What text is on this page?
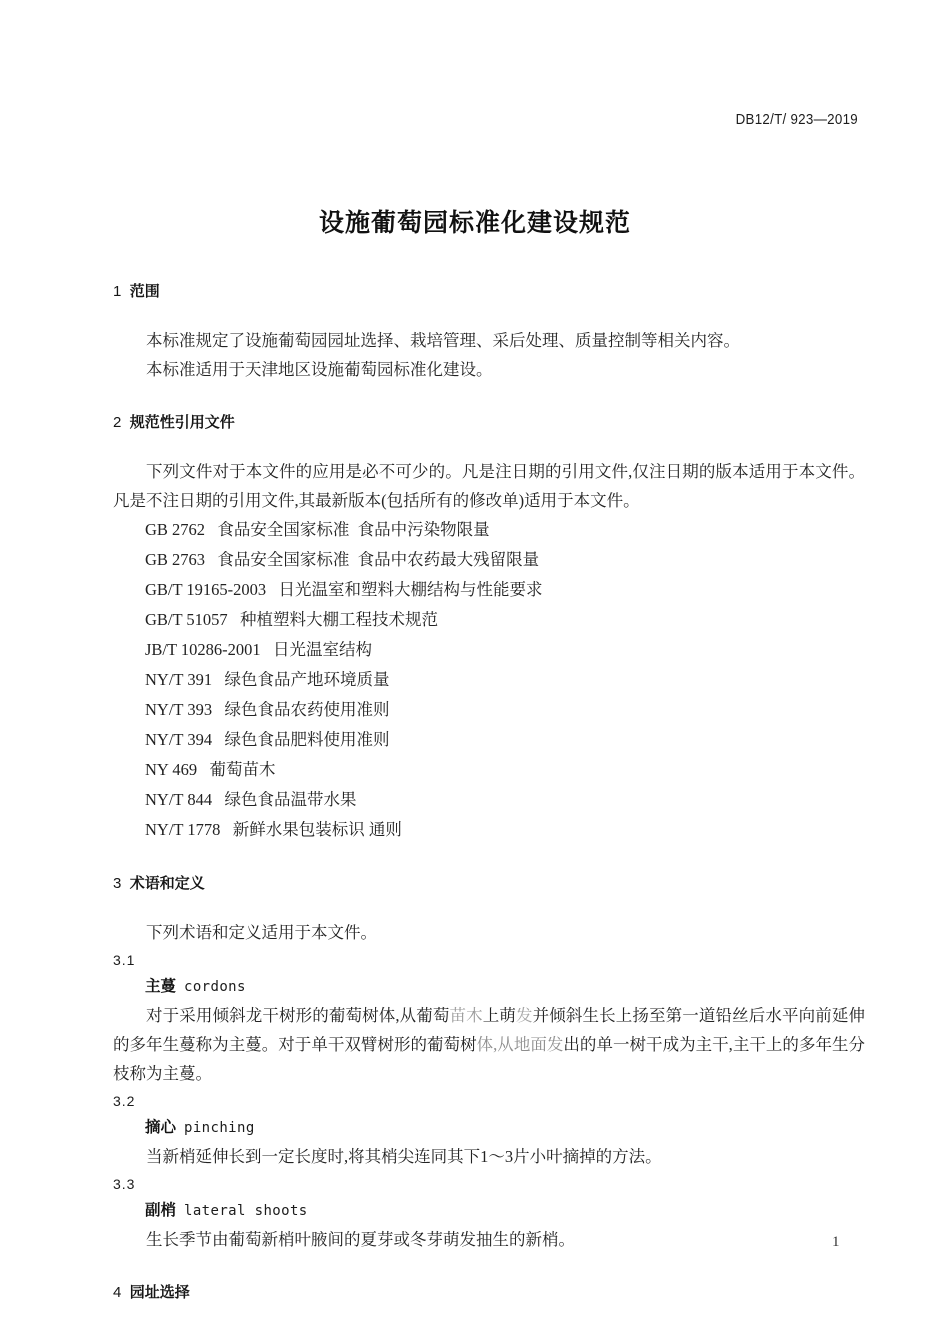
DB12/T/ 923—2019
设施葡萄园标准化建设规范
1 范围
本标准规定了设施葡萄园园址选择、栽培管理、采后处理、质量控制等相关内容。
本标准适用于天津地区设施葡萄园标准化建设。
2 规范性引用文件
下列文件对于本文件的应用是必不可少的。凡是注日期的引用文件,仅注日期的版本适用于本文件。凡是不注日期的引用文件,其最新版本(包括所有的修改单)适用于本文件。
GB 2762   食品安全国家标准  食品中污染物限量
GB 2763   食品安全国家标准  食品中农药最大残留限量
GB/T 19165-2003   日光温室和塑料大棚结构与性能要求
GB/T 51057   种植塑料大棚工程技术规范
JB/T 10286-2001   日光温室结构
NY/T 391   绿色食品产地环境质量
NY/T 393   绿色食品农药使用准则
NY/T 394   绿色食品肥料使用准则
NY 469   葡萄苗木
NY/T 844   绿色食品温带水果
NY/T 1778   新鲜水果包装标识 通则
3 术语和定义
下列术语和定义适用于本文件。
3.1
主蔓 cordons
对于采用倾斜龙干树形的葡萄树体,从葡萄苗木上萌发并倾斜生长上扬至第一道铅丝后水平向前延伸的多年生蔓称为主蔓。对于单干双臂树形的葡萄树体,从地面发出的单一树干成为主干,主干上的多年生分枝称为主蔓。
3.2
摘心 pinching
当新梢延伸长到一定长度时,将其梢尖连同其下1～3片小叶摘掉的方法。
3.3
副梢 lateral shoots
生长季节由葡萄新梢叶腋间的夏芽或冬芽萌发抽生的新梢。
4 园址选择
1
